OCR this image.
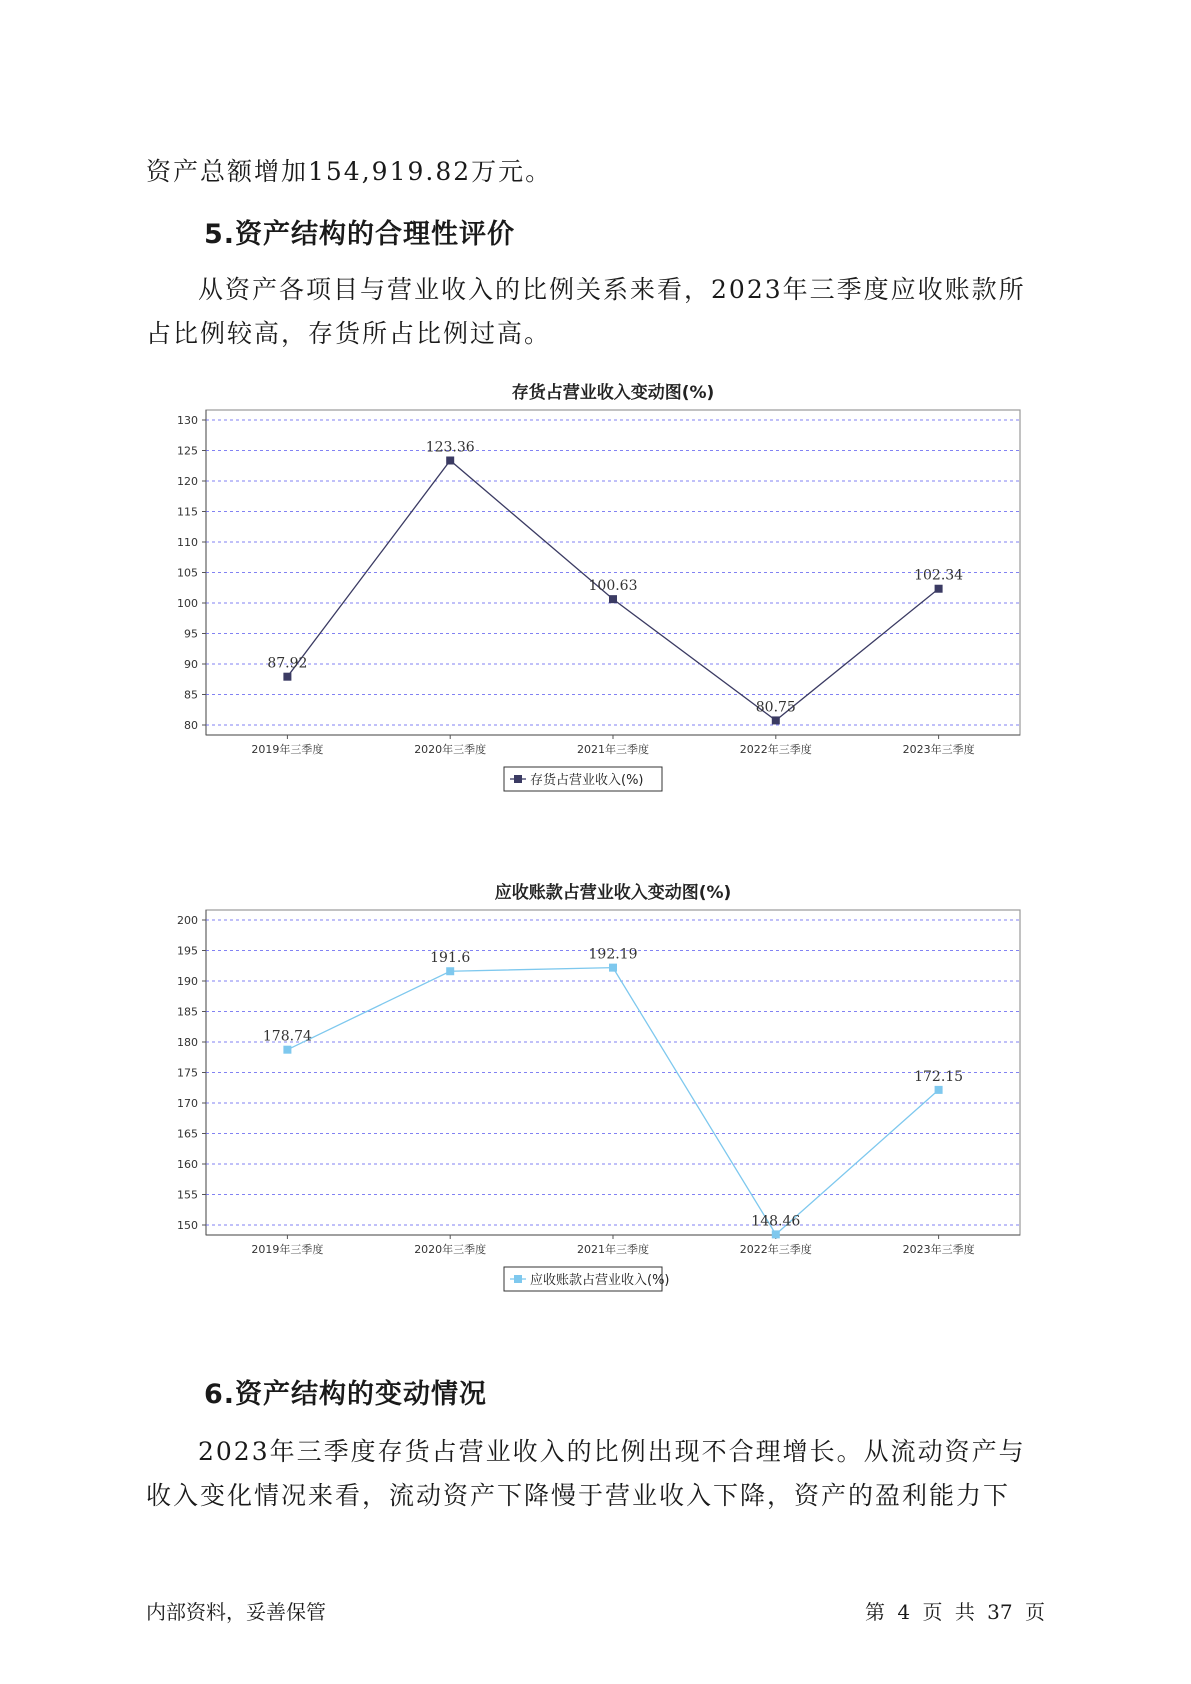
资产总额增加154,919.82万元。

5.资产结构的合理性评价

从资产各项目与营业收入的比例关系来看，2023年三季度应收账款所

占比例较高，存货所占比例过高。

存货占营业收入变动图(%)
80
85
90
95
100
105
110
115
120
125
130
2019年三季度	2020年三季度	2021年三季度	2022年三季度	2023年三季度
87.92
123.36
100.63
80.75
102.34
存货占营业收入(%)
应收账款占营业收入变动图(%)
150
155
160
165
170
175
180
185
190
195
200
2019年三季度	2020年三季度	2021年三季度	2022年三季度	2023年三季度
178.74
191.6	192.19
148.46
172.15
应收账款占营业收入(%)
6.资产结构的变动情况

2023年三季度存货占营业收入的比例出现不合理增长。从流动资产与

收入变化情况来看，流动资产下降慢于营业收入下降，资产的盈利能力下

内部资料，妥善保管	第 4 页 共 37 页
